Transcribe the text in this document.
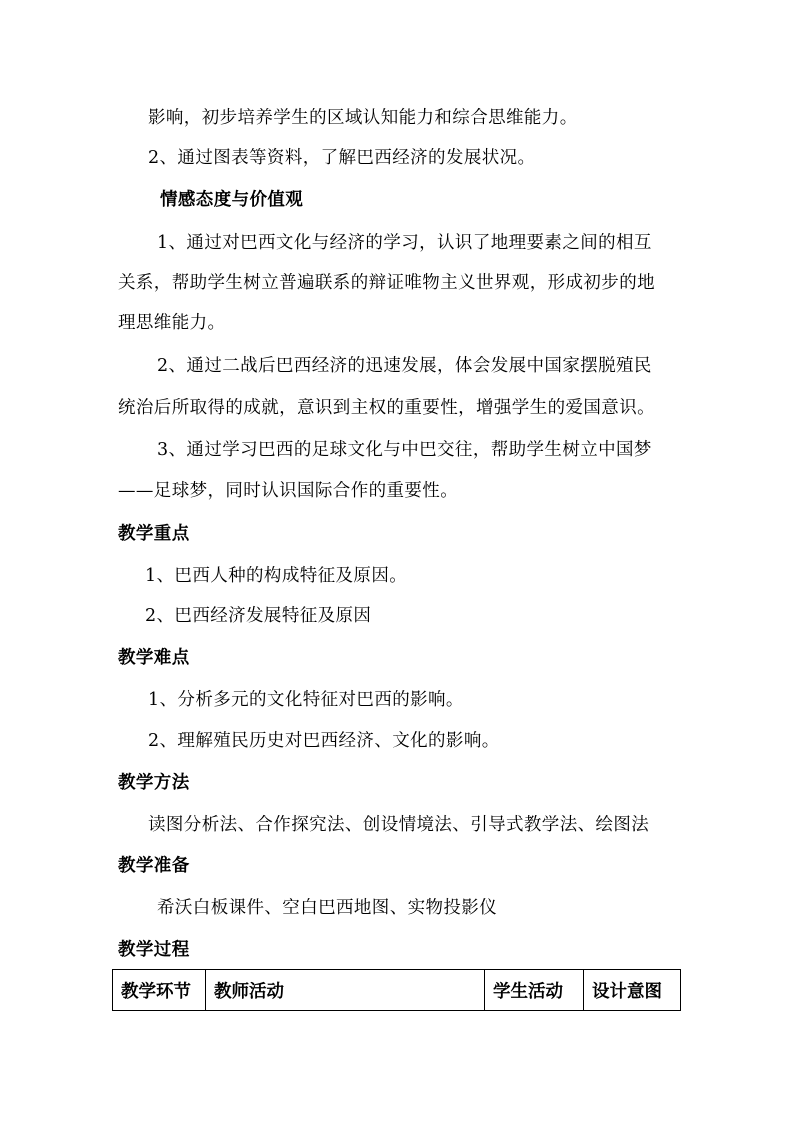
影响，初步培养学生的区域认知能力和综合思维能力。
2、通过图表等资料，了解巴西经济的发展状况。
情感态度与价值观
1、通过对巴西文化与经济的学习，认识了地理要素之间的相互
关系，帮助学生树立普遍联系的辩证唯物主义世界观，形成初步的地
理思维能力。
2、通过二战后巴西经济的迅速发展，体会发展中国家摆脱殖民
统治后所取得的成就，意识到主权的重要性，增强学生的爱国意识。
3、通过学习巴西的足球文化与中巴交往，帮助学生树立中国梦
——足球梦，同时认识国际合作的重要性。
教学重点
1、巴西人种的构成特征及原因。
2、巴西经济发展特征及原因
教学难点
1、分析多元的文化特征对巴西的影响。
2、理解殖民历史对巴西经济、文化的影响。
教学方法
读图分析法、合作探究法、创设情境法、引导式教学法、绘图法
教学准备
希沃白板课件、空白巴西地图、实物投影仪
教学过程
教学环节	教师活动	学生活动	设计意图
